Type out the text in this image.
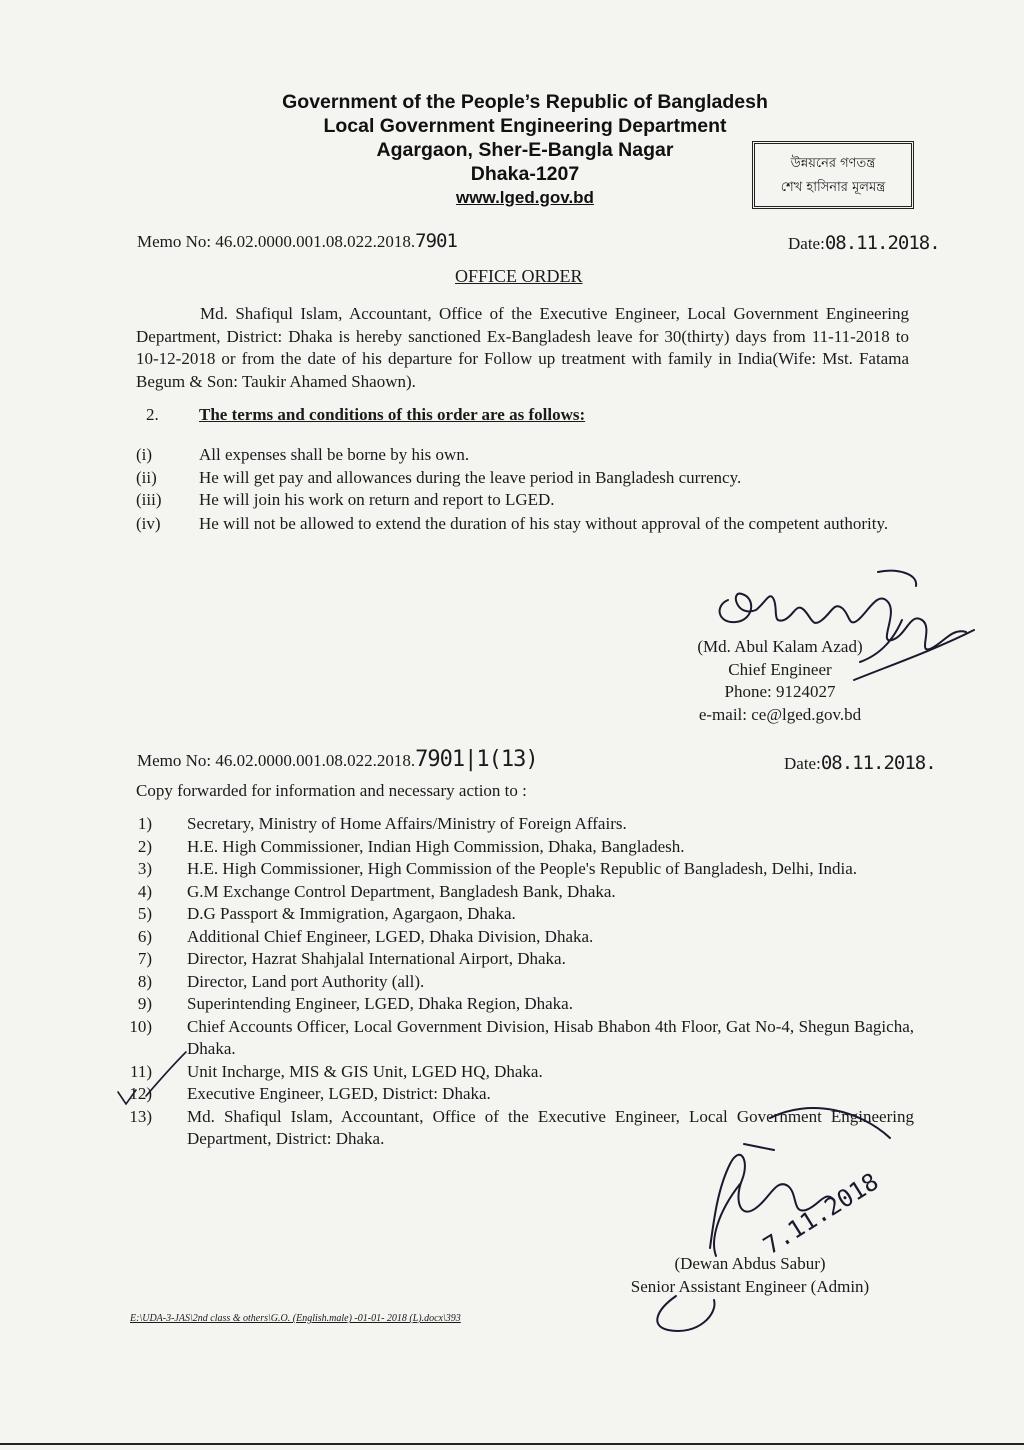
Government of the People’s Republic of Bangladesh
Local Government Engineering Department
Agargaon, Sher-E-Bangla Nagar
Dhaka-1207
www.lged.gov.bd
উন্নয়নের গণতন্ত্র
শেখ হাসিনার মূলমন্ত্র
Memo No: 46.02.0000.001.08.022.2018.7901	Date:08.11.2018.
OFFICE ORDER
Md. Shafiqul Islam, Accountant, Office of the Executive Engineer, Local Government Engineering Department, District: Dhaka is hereby sanctioned Ex-Bangladesh leave for 30(thirty) days from 11-11-2018 to 10-12-2018 or from the date of his departure for Follow up treatment with family in India(Wife: Mst. Fatama Begum & Son: Taukir Ahamed Shaown).
2. The terms and conditions of this order are as follows:
(i)	All expenses shall be borne by his own.
(ii) He will get pay and allowances during the leave period in Bangladesh currency.
(iii) He will join his work on return and report to LGED.
(iv) He will not be allowed to extend the duration of his stay without approval of the competent authority.
(Md. Abul Kalam Azad)
Chief Engineer
Phone: 9124027
e-mail: ce@lged.gov.bd
Memo No: 46.02.0000.001.08.022.2018.7901|1(13)	Date:08.11.2018.
Copy forwarded for information and necessary action to :
1) Secretary, Ministry of Home Affairs/Ministry of Foreign Affairs.
2) H.E. High Commissioner, Indian High Commission, Dhaka, Bangladesh.
3) H.E. High Commissioner, High Commission of the People's Republic of Bangladesh, Delhi, India.
4) G.M Exchange Control Department, Bangladesh Bank, Dhaka.
5) D.G Passport & Immigration, Agargaon, Dhaka.
6) Additional Chief Engineer, LGED, Dhaka Division, Dhaka.
7) Director, Hazrat Shahjalal International Airport, Dhaka.
8) Director, Land port Authority (all).
9) Superintending Engineer, LGED, Dhaka Region, Dhaka.
10) Chief Accounts Officer, Local Government Division, Hisab Bhabon 4th Floor, Gat No-4, Shegun Bagicha, Dhaka.
11) Unit Incharge, MIS & GIS Unit, LGED HQ, Dhaka.
12) Executive Engineer, LGED, District: Dhaka.
13) Md. Shafiqul Islam, Accountant, Office of the Executive Engineer, Local Government Engineering Department, District: Dhaka.
(Dewan Abdus Sabur)
Senior Assistant Engineer (Admin)
E:\UDA-3-JAS\2nd class & others\G.O. (English.male) -01-01- 2018 (L).docx\393
7.11.2018
